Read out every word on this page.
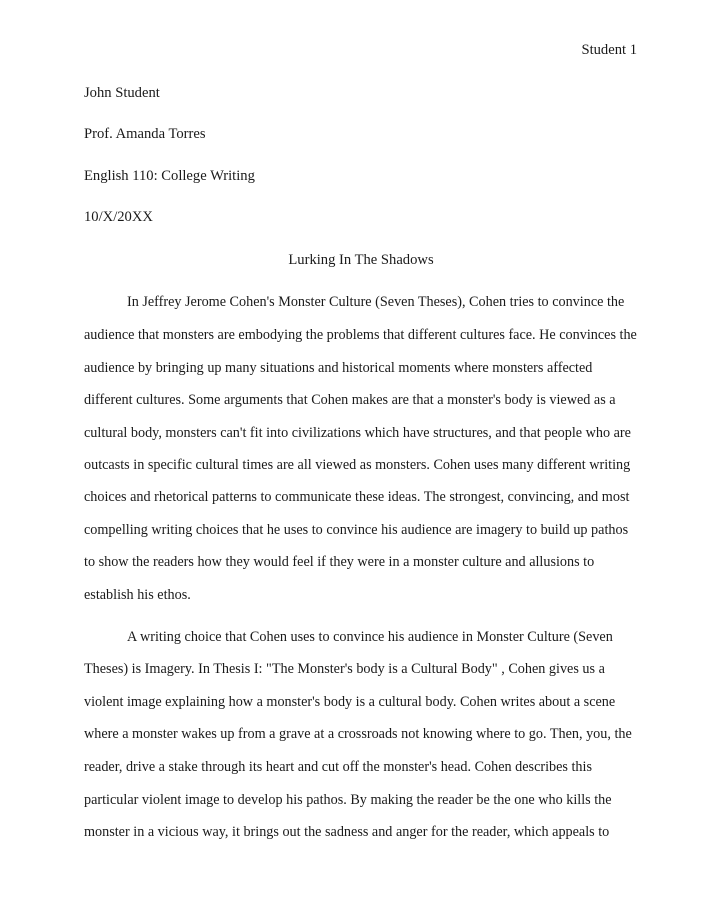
Student 1
John Student
Prof. Amanda Torres
English 110: College Writing
10/X/20XX
Lurking In The Shadows
In Jeffrey Jerome Cohen's Monster Culture (Seven Theses), Cohen tries to convince the
audience that monsters are embodying the problems that different cultures face. He convinces the
audience by bringing up many situations and historical moments where monsters affected
different cultures. Some arguments that Cohen makes are that a monster's body is viewed as a
cultural body, monsters can't fit into civilizations which have structures, and that people who are
outcasts in specific cultural times are all viewed as monsters. Cohen uses many different writing
choices and rhetorical patterns to communicate these ideas. The strongest, convincing, and most
compelling writing choices that he uses to convince his audience are imagery to build up pathos
to show the readers how they would feel if they were in a monster culture and allusions to
establish his ethos.
A writing choice that Cohen uses to convince his audience in Monster Culture (Seven
Theses) is Imagery. In Thesis I: "The Monster's body is a Cultural Body" , Cohen gives us a
violent image explaining how a monster's body is a cultural body. Cohen writes about a scene
where a monster wakes up from a grave at a crossroads not knowing where to go. Then, you, the
reader, drive a stake through its heart and cut off the monster's head. Cohen describes this
particular violent image to develop his pathos. By making the reader be the one who kills the
monster in a vicious way, it brings out the sadness and anger for the reader, which appeals to
